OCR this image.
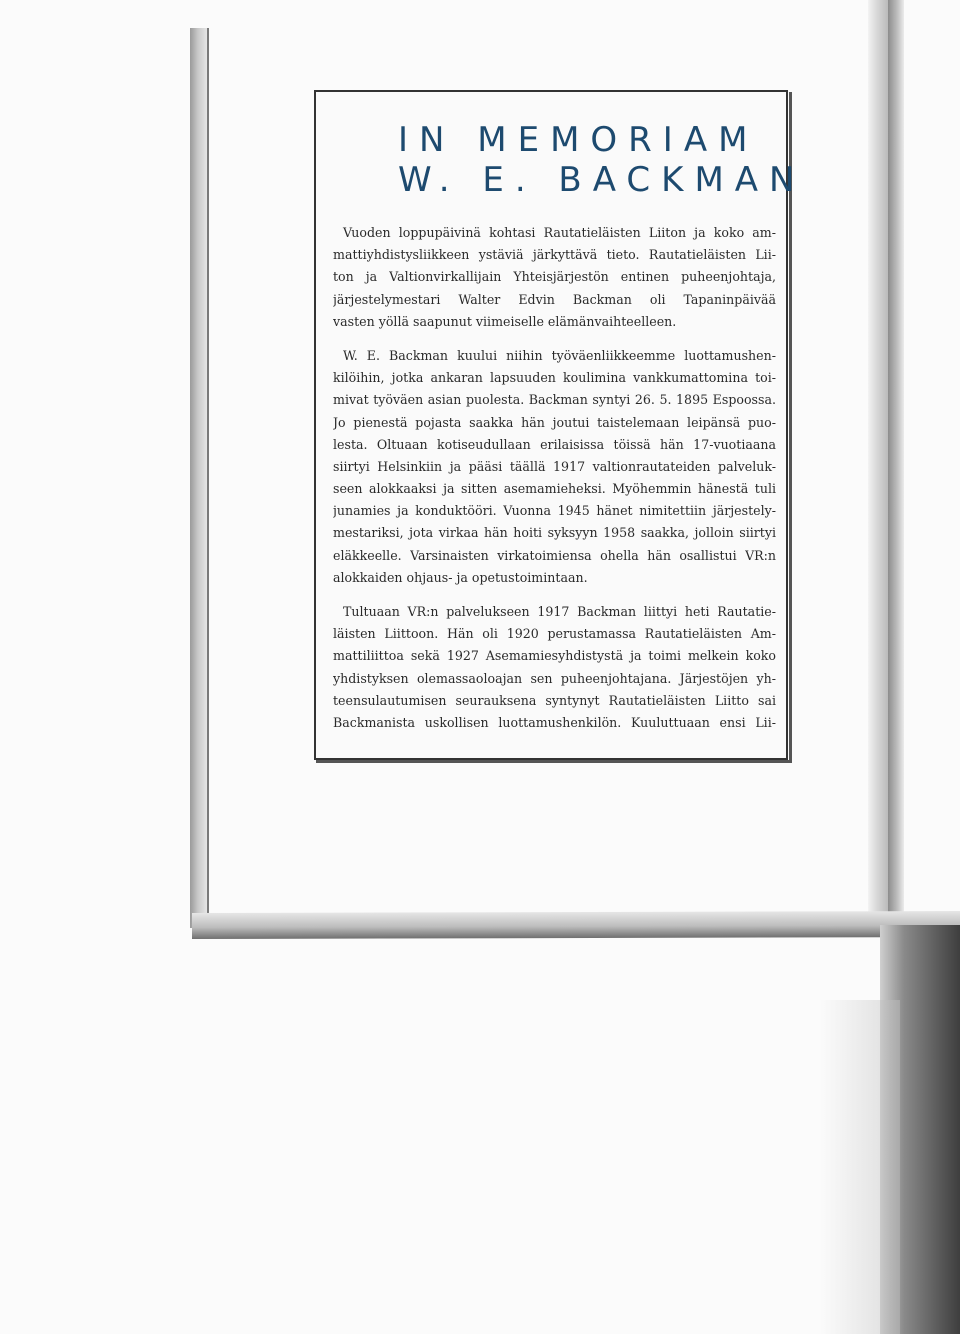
IN MEMORIAM
W. E. BACKMAN
Vuoden loppupäivinä kohtasi Rautatieläisten Liiton ja koko am-
mattiyhdistysliikkeen ystäviä järkyttävä tieto. Rautatieläisten Lii-
ton ja Valtionvirkallijain Yhteisjärjestön entinen puheenjohtaja,
järjestelymestari Walter Edvin Backman oli Tapaninpäivää
vasten yöllä saapunut viimeiselle elämänvaihteelleen.
W. E. Backman kuului niihin työväenliikkeemme luottamushen-
kilöihin, jotka ankaran lapsuuden koulimina vankkumattomina toi-
mivat työväen asian puolesta. Backman syntyi 26. 5. 1895 Espoossa.
Jo pienestä pojasta saakka hän joutui taistelemaan leipänsä puo-
lesta. Oltuaan kotiseudullaan erilaisissa töissä hän 17-vuotiaana
siirtyi Helsinkiin ja pääsi täällä 1917 valtionrautateiden palveluk-
seen alokkaaksi ja sitten asemamieheksi. Myöhemmin hänestä tuli
junamies ja konduktööri. Vuonna 1945 hänet nimitettiin järjestely-
mestariksi, jota virkaa hän hoiti syksyyn 1958 saakka, jolloin siirtyi
eläkkeelle. Varsinaisten virkatoimiensa ohella hän osallistui VR:n
alokkaiden ohjaus- ja opetustoimintaan.
Tultuaan VR:n palvelukseen 1917 Backman liittyi heti Rautatie-
läisten Liittoon. Hän oli 1920 perustamassa Rautatieläisten Am-
mattiliittoa sekä 1927 Asemamiesyhdistystä ja toimi melkein koko
yhdistyksen olemassaoloajan sen puheenjohtajana. Järjestöjen yh-
teensulautumisen seurauksena syntynyt Rautatieläisten Liitto sai
Backmanista uskollisen luottamushenkilön. Kuuluttuaan ensi Lii-
